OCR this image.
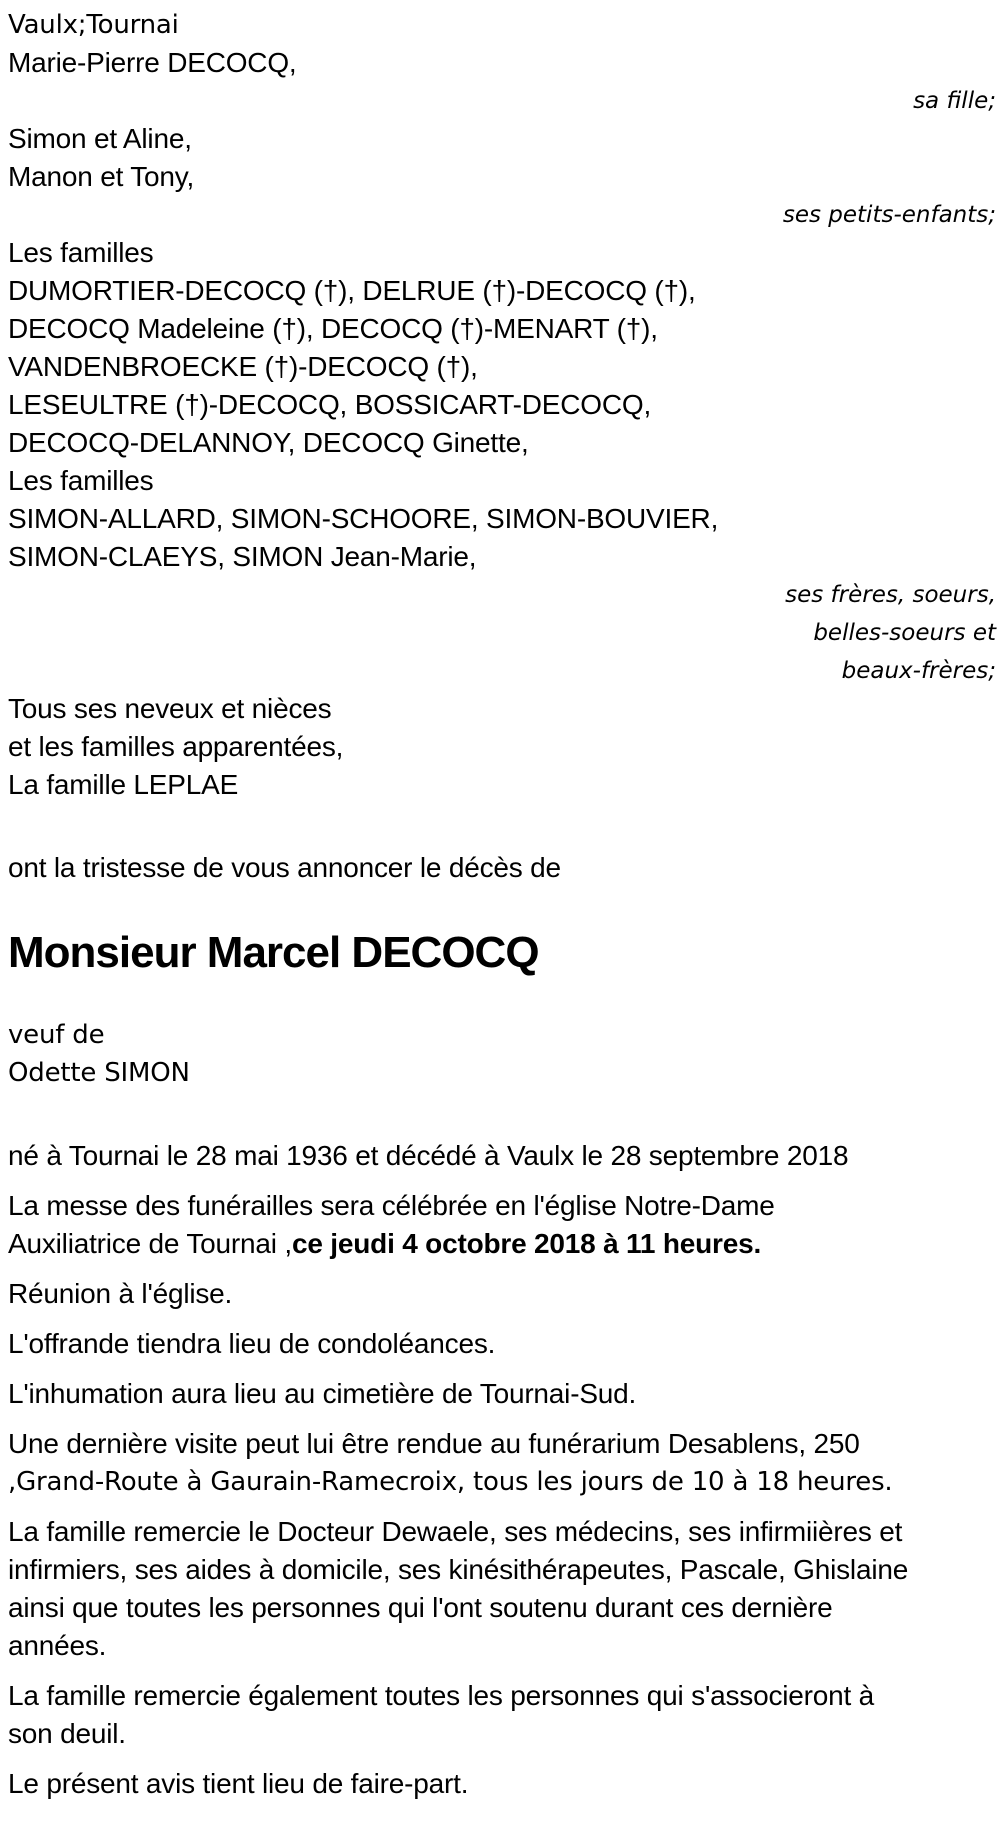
Vaulx;Tournai
Marie-Pierre DECOCQ,
sa fille;
Simon et Aline,
Manon et Tony,
ses petits-enfants;
Les familles
DUMORTIER-DECOCQ (†), DELRUE (†)-DECOCQ (†),
DECOCQ Madeleine (†), DECOCQ (†)-MENART (†),
VANDENBROECKE (†)-DECOCQ (†),
LESEULTRE (†)-DECOCQ, BOSSICART-DECOCQ,
DECOCQ-DELANNOY, DECOCQ Ginette,
Les familles
SIMON-ALLARD, SIMON-SCHOORE, SIMON-BOUVIER,
SIMON-CLAEYS, SIMON Jean-Marie,
ses frères, soeurs,
belles-soeurs et
beaux-frères;
Tous ses neveux et nièces
et les familles apparentées,
La famille LEPLAE
ont la tristesse de vous annoncer le décès de
Monsieur Marcel DECOCQ
veuf de
Odette SIMON
né à Tournai le 28 mai 1936 et décédé à Vaulx le 28 septembre 2018
La messe des funérailles sera célébrée en l'église Notre-Dame
Auxiliatrice de Tournai ,ce jeudi 4 octobre 2018 à 11 heures.
Réunion à l'église.
L'offrande tiendra lieu de condoléances.
L'inhumation aura lieu au cimetière de Tournai-Sud.
Une dernière visite peut lui être rendue au funérarium Desablens, 250
,Grand-Route à Gaurain-Ramecroix, tous les jours de 10 à 18 heures.
La famille remercie le Docteur Dewaele, ses médecins, ses infirmiières et
infirmiers, ses aides à domicile, ses kinésithérapeutes, Pascale, Ghislaine
ainsi que toutes les personnes qui l'ont soutenu durant ces dernière
années.
La famille remercie également toutes les personnes qui s'associeront à
son deuil.
Le présent avis tient lieu de faire-part.
